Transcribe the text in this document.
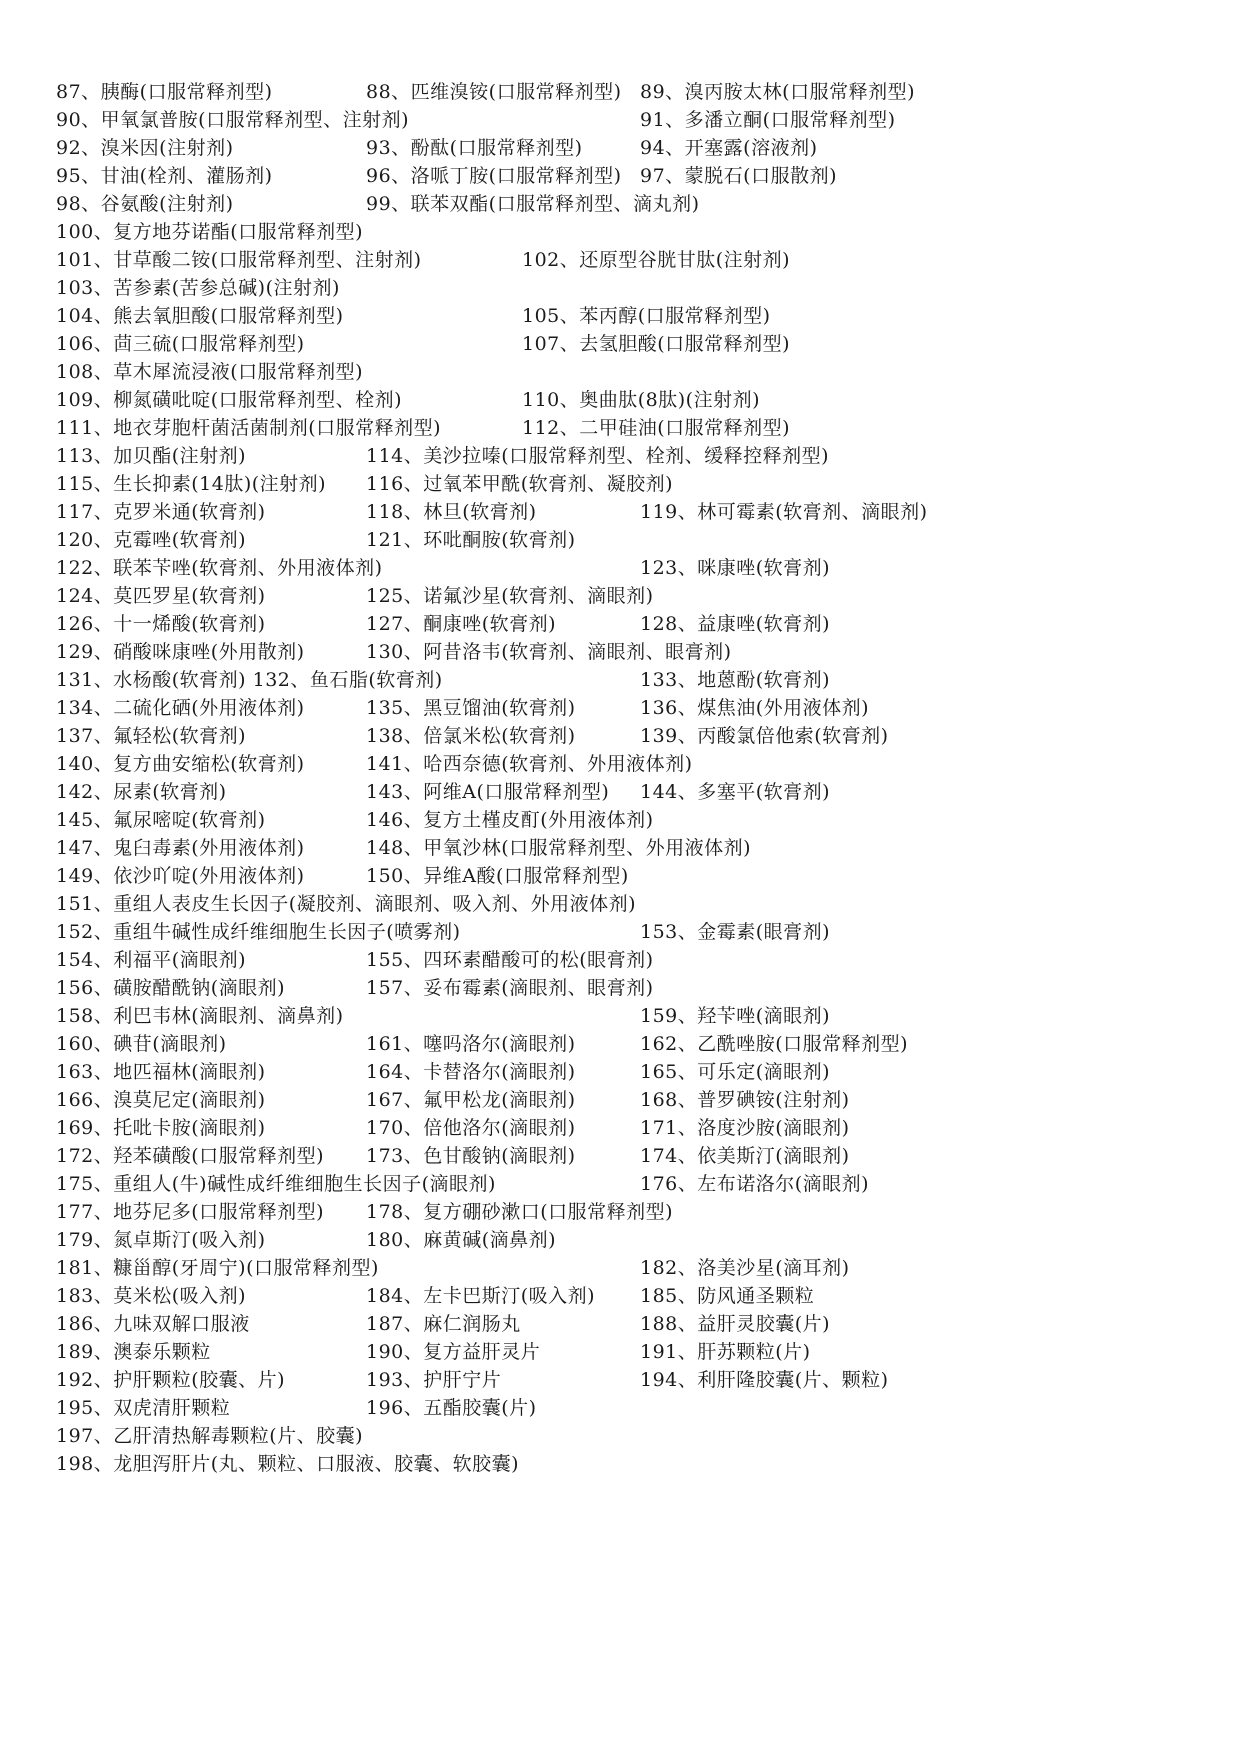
87、胰酶(口服常释剂型)	88、匹维溴铵(口服常释剂型) 89、溴丙胺太林(口服常释剂型)
90、甲氧氯普胺(口服常释剂型、注射剂)	91、多潘立酮(口服常释剂型)
92、溴米因(注射剂)	93、酚酞(口服常释剂型)	94、开塞露(溶液剂)
95、甘油(栓剂、灌肠剂)	96、洛哌丁胺(口服常释剂型) 97、蒙脱石(口服散剂)
98、谷氨酸(注射剂)	99、联苯双酯(口服常释剂型、滴丸剂)
100、复方地芬诺酯(口服常释剂型)
101、甘草酸二铵(口服常释剂型、注射剂)	102、还原型谷胱甘肽(注射剂)
103、苦参素(苦参总碱)(注射剂)
104、熊去氧胆酸(口服常释剂型)	105、苯丙醇(口服常释剂型)
106、茴三硫(口服常释剂型)	107、去氢胆酸(口服常释剂型)
108、草木犀流浸液(口服常释剂型)
109、柳氮磺吡啶(口服常释剂型、栓剂)	110、奥曲肽(8肽)(注射剂)
111、地衣芽胞杆菌活菌制剂(口服常释剂型)	112、二甲硅油(口服常释剂型)
113、加贝酯(注射剂)	114、美沙拉嗪(口服常释剂型、栓剂、缓释控释剂型)
115、生长抑素(14肽)(注射剂) 116、过氧苯甲酰(软膏剂、凝胶剂)
117、克罗米通(软膏剂)	118、林旦(软膏剂)	119、林可霉素(软膏剂、滴眼剂)
120、克霉唑(软膏剂)	121、环吡酮胺(软膏剂)
122、联苯苄唑(软膏剂、外用液体剂)	123、咪康唑(软膏剂)
124、莫匹罗星(软膏剂)	125、诺氟沙星(软膏剂、滴眼剂)
126、十一烯酸(软膏剂)	127、酮康唑(软膏剂)	128、益康唑(软膏剂)
129、硝酸咪康唑(外用散剂)	130、阿昔洛韦(软膏剂、滴眼剂、眼膏剂)
131、水杨酸(软膏剂) 132、鱼石脂(软膏剂)	133、地蒽酚(软膏剂)
134、二硫化硒(外用液体剂)	135、黑豆馏油(软膏剂)	136、煤焦油(外用液体剂)
137、氟轻松(软膏剂)	138、倍氯米松(软膏剂)	139、丙酸氯倍他索(软膏剂)
140、复方曲安缩松(软膏剂)	141、哈西奈德(软膏剂、外用液体剂)
142、尿素(软膏剂)	143、阿维A(口服常释剂型) 144、多塞平(软膏剂)
145、氟尿嘧啶(软膏剂)	146、复方土槿皮酊(外用液体剂)
147、鬼臼毒素(外用液体剂)	148、甲氧沙林(口服常释剂型、外用液体剂)
149、依沙吖啶(外用液体剂)	150、异维A酸(口服常释剂型)
151、重组人表皮生长因子(凝胶剂、滴眼剂、吸入剂、外用液体剂)
152、重组牛碱性成纤维细胞生长因子(喷雾剂)	153、金霉素(眼膏剂)
154、利福平(滴眼剂)	155、四环素醋酸可的松(眼膏剂)
156、磺胺醋酰钠(滴眼剂)	157、妥布霉素(滴眼剂、眼膏剂)
158、利巴韦林(滴眼剂、滴鼻剂)	159、羟苄唑(滴眼剂)
160、碘苷(滴眼剂)	161、噻吗洛尔(滴眼剂)	162、乙酰唑胺(口服常释剂型)
163、地匹福林(滴眼剂)	164、卡替洛尔(滴眼剂)	165、可乐定(滴眼剂)
166、溴莫尼定(滴眼剂)	167、氟甲松龙(滴眼剂)	168、普罗碘铵(注射剂)
169、托吡卡胺(滴眼剂)	170、倍他洛尔(滴眼剂)	171、洛度沙胺(滴眼剂)
172、羟苯磺酸(口服常释剂型) 173、色甘酸钠(滴眼剂)	174、依美斯汀(滴眼剂)
175、重组人(牛)碱性成纤维细胞生长因子(滴眼剂)	176、左布诺洛尔(滴眼剂)
177、地芬尼多(口服常释剂型) 178、复方硼砂漱口(口服常释剂型)
179、氮卓斯汀(吸入剂)	180、麻黄碱(滴鼻剂)
181、糠甾醇(牙周宁)(口服常释剂型)	182、洛美沙星(滴耳剂)
183、莫米松(吸入剂)	184、左卡巴斯汀(吸入剂) 185、防风通圣颗粒
186、九味双解口服液	187、麻仁润肠丸	188、益肝灵胶囊(片)
189、澳泰乐颗粒	190、复方益肝灵片	191、肝苏颗粒(片)
192、护肝颗粒(胶囊、片)	193、护肝宁片	194、利肝隆胶囊(片、颗粒)
195、双虎清肝颗粒	196、五酯胶囊(片)
197、乙肝清热解毒颗粒(片、胶囊)
198、龙胆泻肝片(丸、颗粒、口服液、胶囊、软胶囊)
